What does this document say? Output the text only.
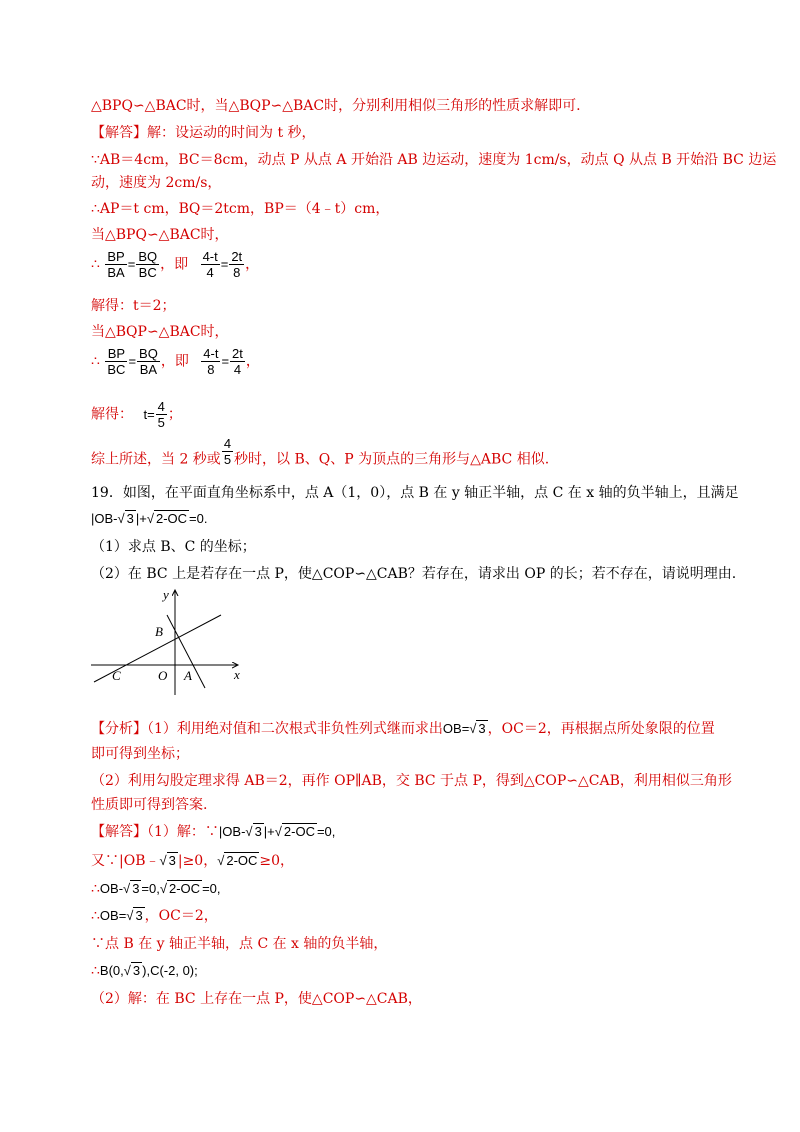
△BPQ∽△BAC时，当△BQP∽△BAC时，分别利用相似三角形的性质求解即可.
【解答】解：设运动的时间为 t 秒，
∵AB＝4cm，BC＝8cm，动点 P 从点 A 开始沿 AB 边运动，速度为 1cm/s，动点 Q 从点 B 开始沿 BC 边运
动，速度为 2cm/s，
∴AP＝t cm，BQ＝2tcm，BP＝（4﹣t）cm，
当△BPQ∽△BAC时，
∴ $\frac{BP}{BA} = \frac{BQ}{BC}$ ，即 $\frac{4-t}{4} = \frac{2t}{8}$ ，
解得：t＝2；
当△BQP∽△BAC时，
∴ $\frac{BP}{BC} = \frac{BQ}{BA}$ ，即 $\frac{4-t}{8} = \frac{2t}{4}$ ，
解得： $t= \frac{4}{5}$ ；
综上所述，当 2 秒或 $\frac{4}{5}$ 秒时，以 B、Q、P 为顶点的三角形与△ABC 相似.
19．如图，在平面直角坐标系中，点 A（1，0），点 B 在 y 轴正半轴，点 C 在 x 轴的负半轴上，且满足
|OB-√ 3 |+√ 2-OC =0.
（1）求点 B、C 的坐标；
（2）在 BC 上是若存在一点 P，使△COP∽△CAB？若存在，请求出 OP 的长；若不存在，请说明理由.
y
x
B
C	O A
【分析】（1）利用绝对值和二次根式非负性列式继而求出OB=√ 3 ，OC＝2，再根据点所处象限的位置
即可得到坐标；
（2）利用勾股定理求得 AB＝2，再作 OP∥AB，交 BC 于点 P，得到△COP∽△CAB，利用相似三角形
性质即可得到答案.
【解答】（1）解：∵|OB-√ 3 |+√ 2-OC =0,
又∵|OB﹣√ 3 |≥0，√ 2-OC ≥0，
∴OB-√ 3 =0,√ 2-OC =0,
∴OB=√ 3 ，OC＝2，
∵点 B 在 y 轴正半轴，点 C 在 x 轴的负半轴，
∴B(0,√ 3 ),C(-2, 0);
（2）解：在 BC 上存在一点 P，使△COP∽△CAB，
